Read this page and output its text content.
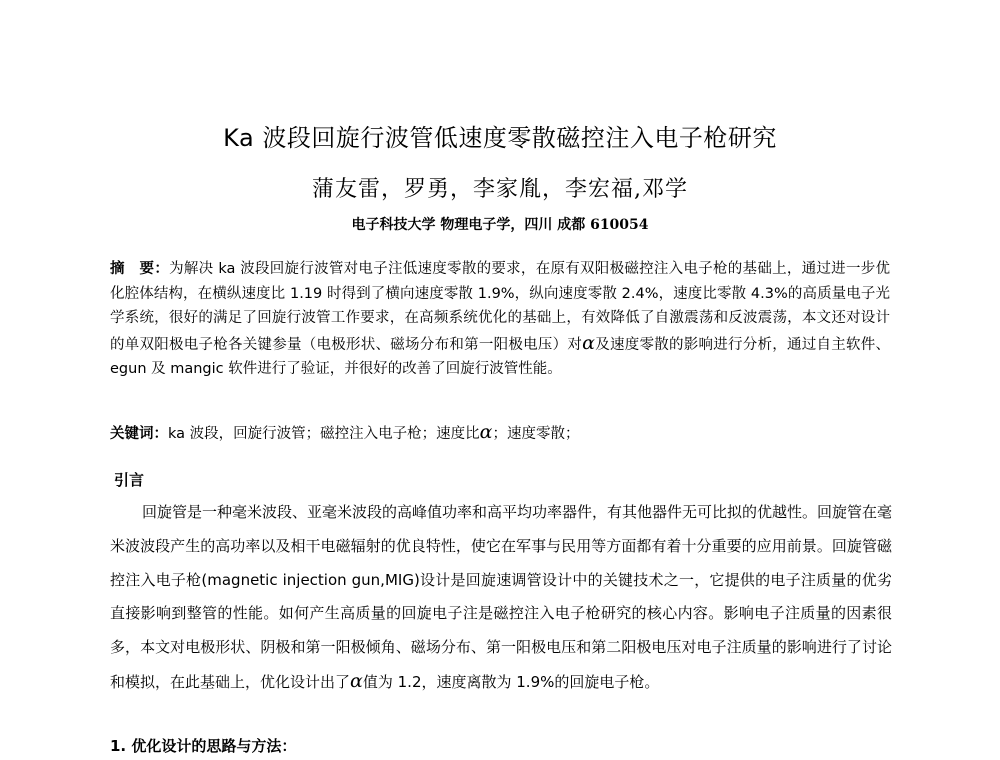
Ka 波段回旋行波管低速度零散磁控注入电子枪研究
蒲友雷，罗勇，李家胤，李宏福,邓学
电子科技大学 物理电子学，四川 成都 610054
摘　要：为解决 ka 波段回旋行波管对电子注低速度零散的要求，在原有双阳极磁控注入电子枪的基础上，通过进一步优化腔体结构，在横纵速度比 1.19 时得到了横向速度零散 1.9%，纵向速度零散 2.4%，速度比零散 4.3%的高质量电子光学系统，很好的满足了回旋行波管工作要求，在高频系统优化的基础上，有效降低了自激震荡和反波震荡，本文还对设计的单双阳极电子枪各关键参量（电极形状、磁场分布和第一阳极电压）对α及速度零散的影响进行分析，通过自主软件、egun 及 mangic 软件进行了验证，并很好的改善了回旋行波管性能。
关键词：ka 波段，回旋行波管；磁控注入电子枪；速度比α；速度零散；
引言
回旋管是一种毫米波段、亚毫米波段的高峰值功率和高平均功率器件，有其他器件无可比拟的优越性。回旋管在毫米波波段产生的高功率以及相干电磁辐射的优良特性，使它在军事与民用等方面都有着十分重要的应用前景。回旋管磁控注入电子枪(magnetic injection gun,MIG)设计是回旋速调管设计中的关键技术之一，它提供的电子注质量的优劣直接影响到整管的性能。如何产生高质量的回旋电子注是磁控注入电子枪研究的核心内容。影响电子注质量的因素很多，本文对电极形状、阴极和第一阳极倾角、磁场分布、第一阳极电压和第二阳极电压对电子注质量的影响进行了讨论和模拟，在此基础上，优化设计出了α值为 1.2，速度离散为 1.9%的回旋电子枪。
1. 优化设计的思路与方法：
